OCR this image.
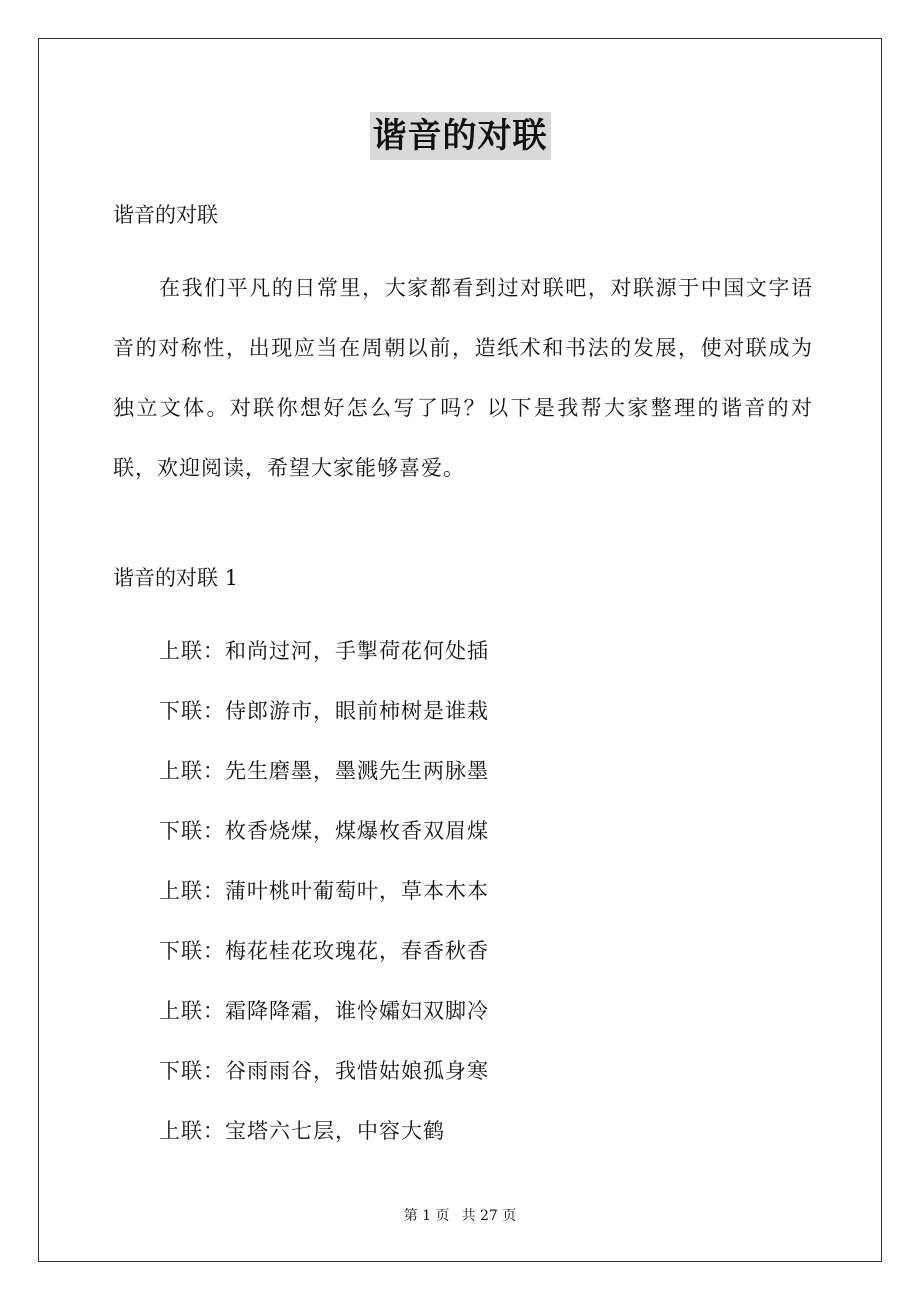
谐音的对联
谐音的对联

在我们平凡的日常里，大家都看到过对联吧，对联源于中国文字语音的对称性，出现应当在周朝以前，造纸术和书法的发展，使对联成为独立文体。对联你想好怎么写了吗？以下是我帮大家整理的谐音的对联，欢迎阅读，希望大家能够喜爱。

谐音的对联 1
上联：和尚过河，手掣荷花何处插
下联：侍郎游市，眼前柿树是谁栽
上联：先生磨墨，墨溅先生两脉墨
下联：枚香烧煤，煤爆枚香双眉煤
上联：蒲叶桃叶葡萄叶，草本木本
下联：梅花桂花玫瑰花，春香秋香
上联：霜降降霜，谁怜孀妇双脚冷
下联：谷雨雨谷，我惜姑娘孤身寒
上联：宝塔六七层，中容大鹤
第 1 页 共 27 页
